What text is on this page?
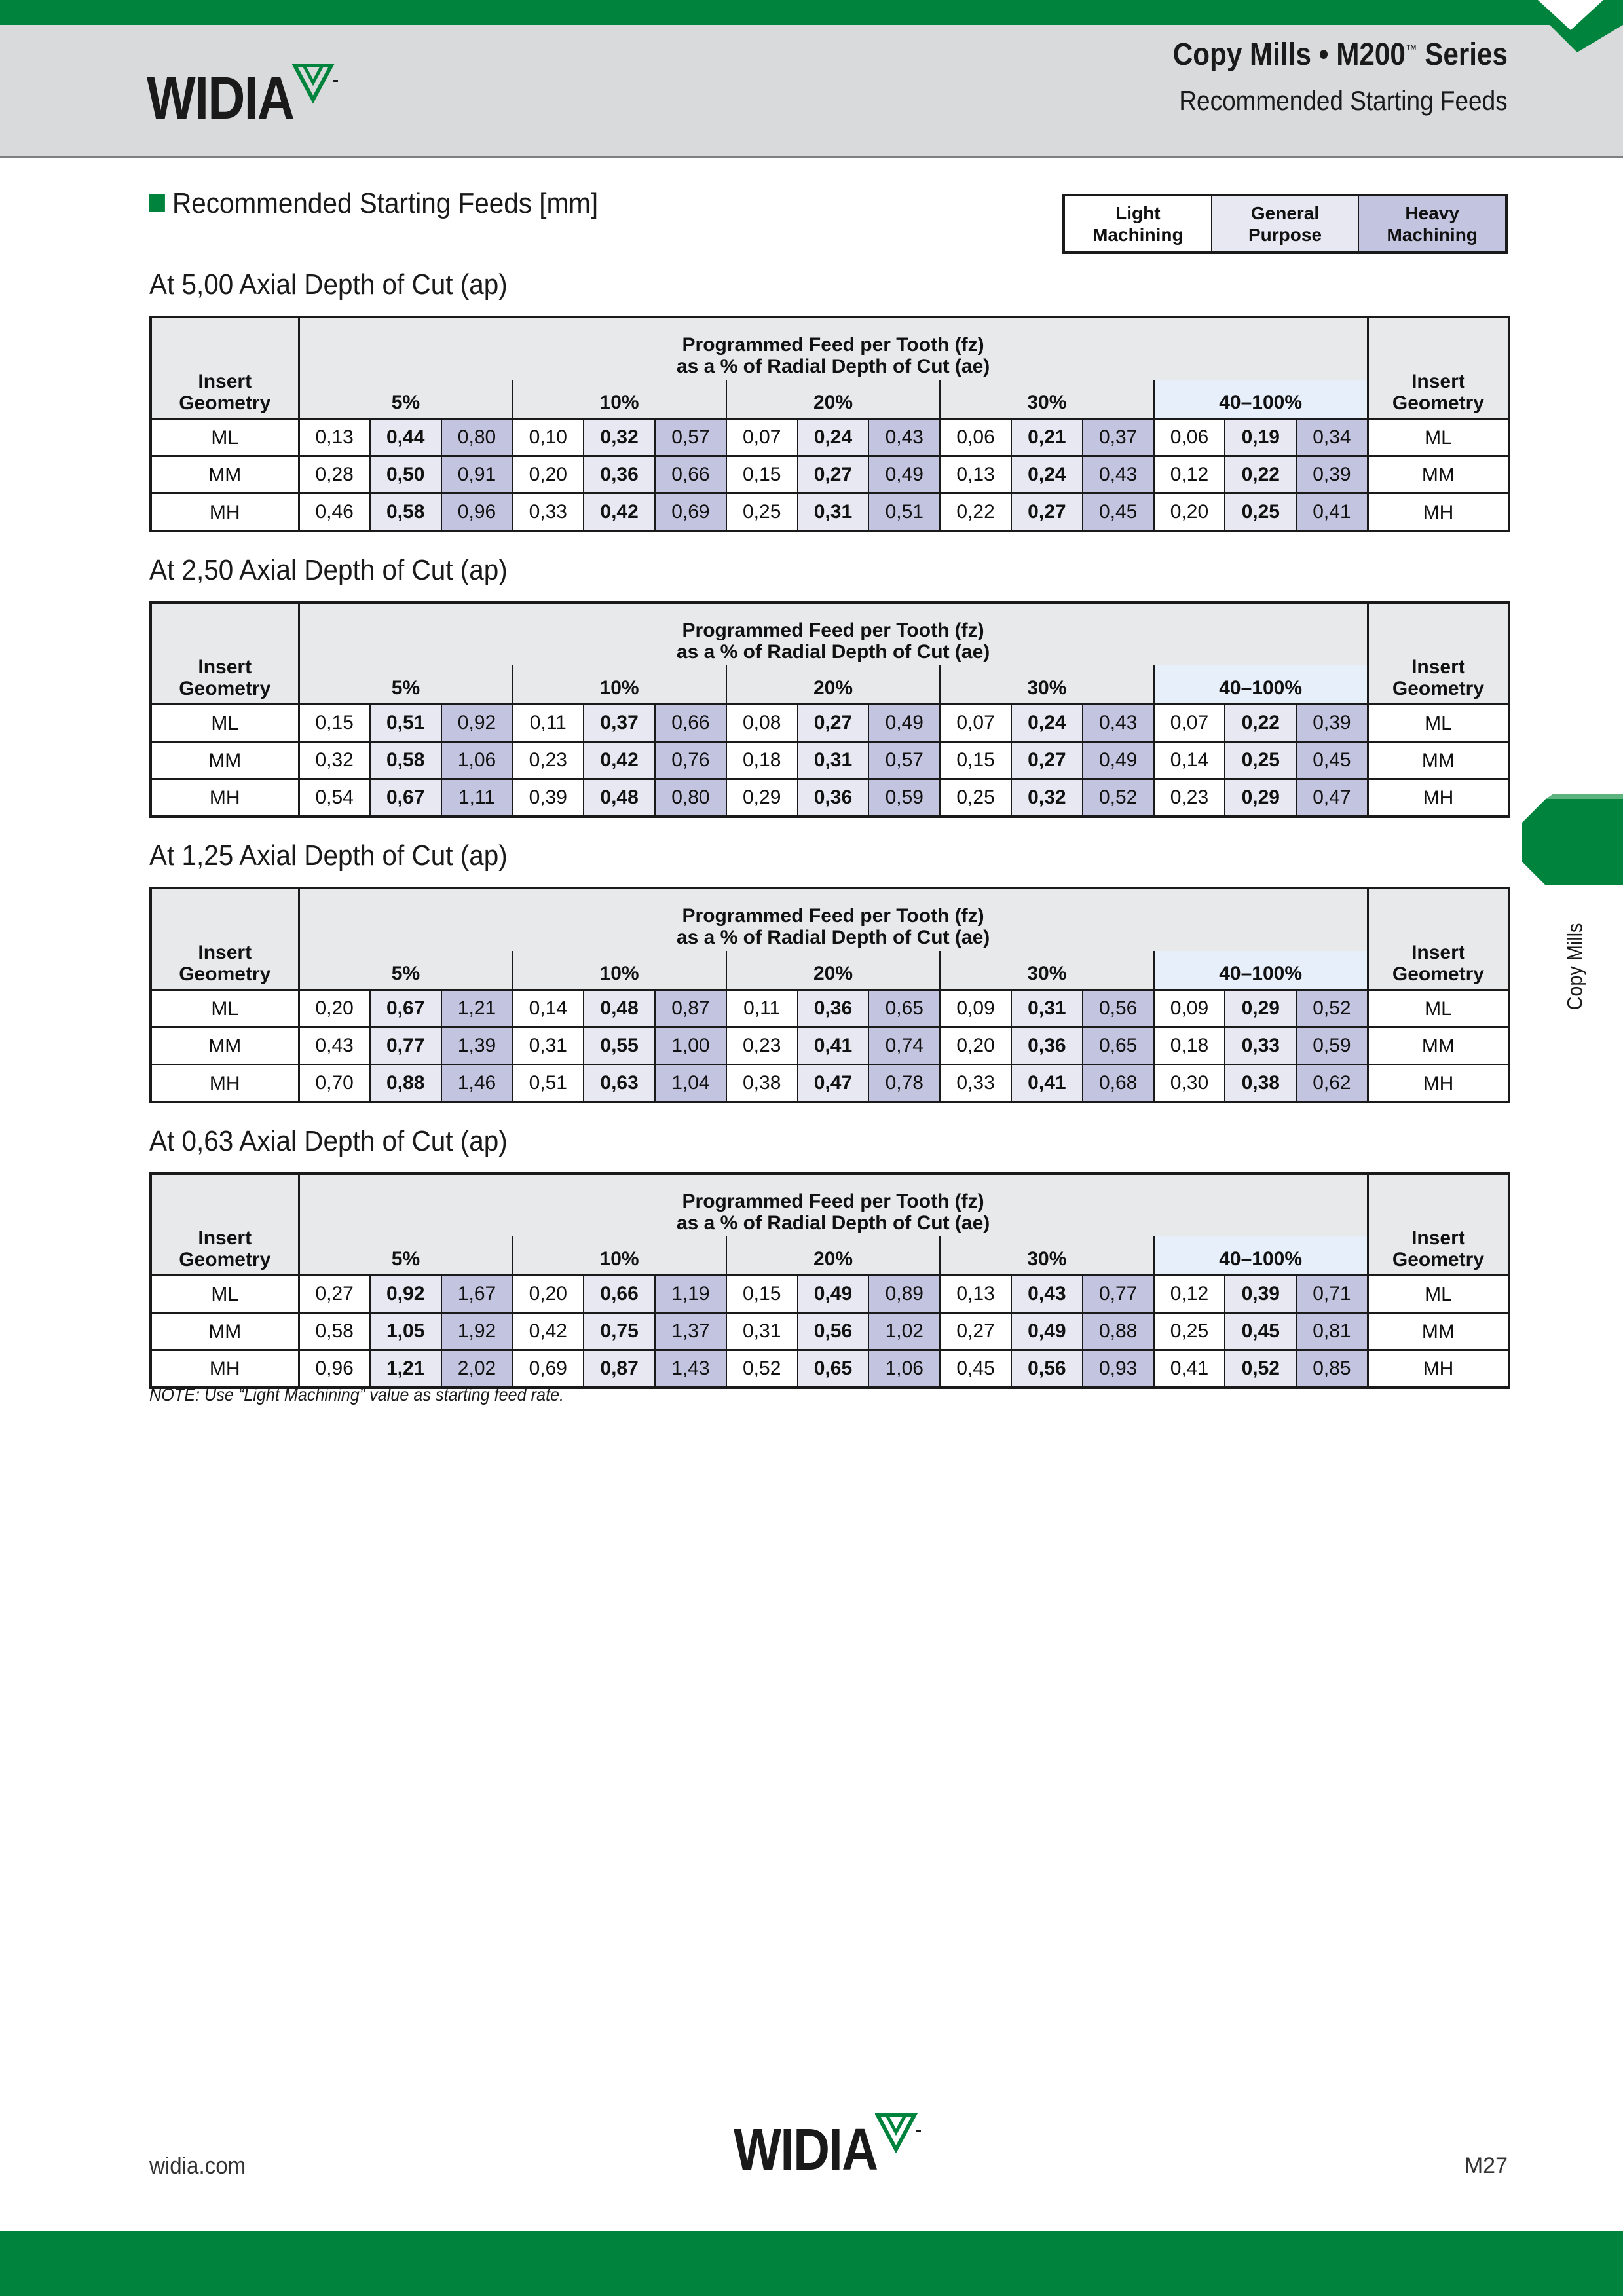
WIDIA
Copy Mills • M200™ Series
Recommended Starting Feeds
Recommended Starting Feeds [mm]	Light
Machining
General
Purpose
Heavy
Machining
At 5,00 Axial Depth of Cut (ap)
Insert
Geometry	Programmed Feed per Tooth (fz)
as a % of Radial Depth of Cut (ae)															Insert
Geometry
	5%			10%			20%			30%			40–100%			
ML	0,13	0,44	0,80	0,10	0,32	0,57	0,07	0,24	0,43	0,06	0,21	0,37	0,06	0,19	0,34	ML
MM	0,28	0,50	0,91	0,20	0,36	0,66	0,15	0,27	0,49	0,13	0,24	0,43	0,12	0,22	0,39	MM
MH	0,46	0,58	0,96	0,33	0,42	0,69	0,25	0,31	0,51	0,22	0,27	0,45	0,20	0,25	0,41	MH
At 2,50 Axial Depth of Cut (ap)
Insert
Geometry	Programmed Feed per Tooth (fz)
as a % of Radial Depth of Cut (ae)															Insert
Geometry
	5%			10%			20%			30%			40–100%			
ML	0,15	0,51	0,92	0,11	0,37	0,66	0,08	0,27	0,49	0,07	0,24	0,43	0,07	0,22	0,39	ML
MM	0,32	0,58	1,06	0,23	0,42	0,76	0,18	0,31	0,57	0,15	0,27	0,49	0,14	0,25	0,45	MM
MH	0,54	0,67	1,11	0,39	0,48	0,80	0,29	0,36	0,59	0,25	0,32	0,52	0,23	0,29	0,47	MH
At 1,25 Axial Depth of Cut (ap)
Insert
Geometry	Programmed Feed per Tooth (fz)
as a % of Radial Depth of Cut (ae)															Insert
Geometry
	5%			10%			20%			30%			40–100%			
ML	0,20	0,67	1,21	0,14	0,48	0,87	0,11	0,36	0,65	0,09	0,31	0,56	0,09	0,29	0,52	ML
MM	0,43	0,77	1,39	0,31	0,55	1,00	0,23	0,41	0,74	0,20	0,36	0,65	0,18	0,33	0,59	MM
MH	0,70	0,88	1,46	0,51	0,63	1,04	0,38	0,47	0,78	0,33	0,41	0,68	0,30	0,38	0,62	MH
At 0,63 Axial Depth of Cut (ap)
Insert
Geometry	Programmed Feed per Tooth (fz)
as a % of Radial Depth of Cut (ae)															Insert
Geometry
	5%			10%			20%			30%			40–100%			
ML	0,27	0,92	1,67	0,20	0,66	1,19	0,15	0,49	0,89	0,13	0,43	0,77	0,12	0,39	0,71	ML
MM	0,58	1,05	1,92	0,42	0,75	1,37	0,31	0,56	1,02	0,27	0,49	0,88	0,25	0,45	0,81	MM
MH	0,96	1,21	2,02	0,69	0,87	1,43	0,52	0,65	1,06	0,45	0,56	0,93	0,41	0,52	0,85	MH
NOTE: Use “Light Machining” value as starting feed rate.
Copy Mills
widia.com	WIDIA	M27
